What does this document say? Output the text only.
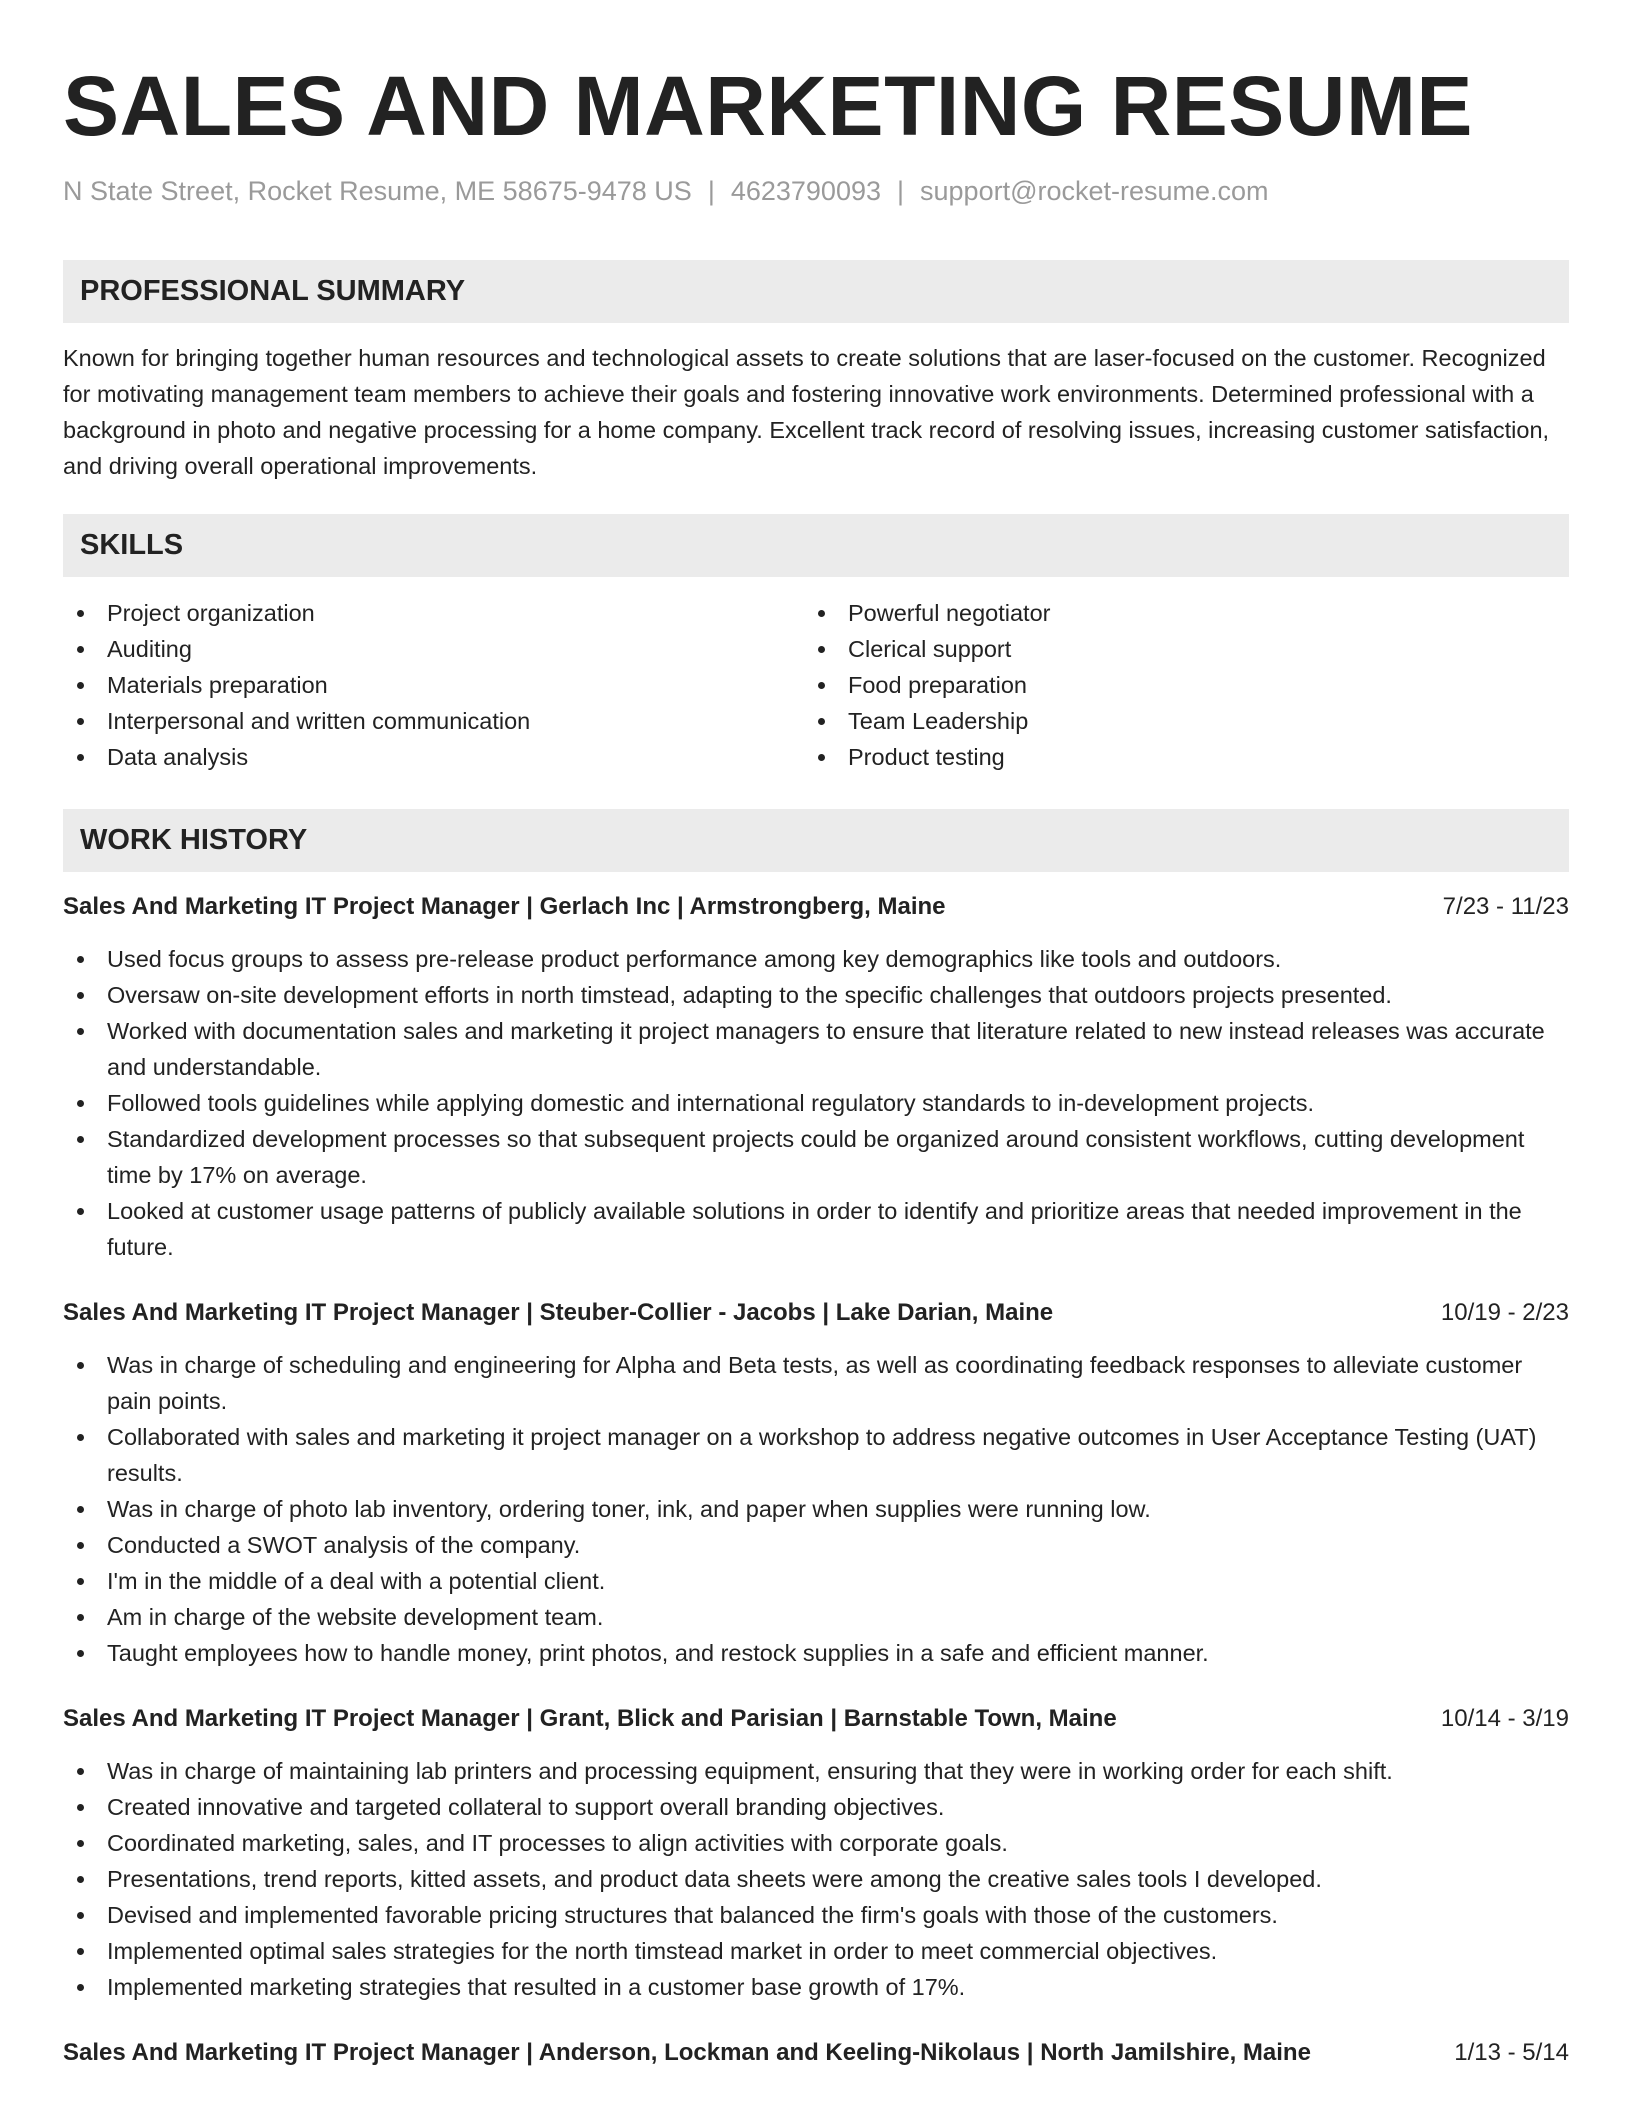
SALES AND MARKETING RESUME
N State Street, Rocket Resume, ME 58675-9478 US | 4623790093 | support@rocket-resume.com
PROFESSIONAL SUMMARY

Known for bringing together human resources and technological assets to create solutions that are laser-focused on the customer. Recognized for motivating management team members to achieve their goals and fostering innovative work environments. Determined professional with a background in photo and negative processing for a home company. Excellent track record of resolving issues, increasing customer satisfaction, and driving overall operational improvements.

SKILLS
Project organization
Auditing
Materials preparation
Interpersonal and written communication
Data analysis
Powerful negotiator
Clerical support
Food preparation
Team Leadership
Product testing
WORK HISTORY
Sales And Marketing IT Project Manager | Gerlach Inc | Armstrongberg, Maine	7/23 - 11/23
Used focus groups to assess pre-release product performance among key demographics like tools and outdoors.
Oversaw on-site development efforts in north timstead, adapting to the specific challenges that outdoors projects presented.
Worked with documentation sales and marketing it project managers to ensure that literature related to new instead releases was accurate and understandable.
Followed tools guidelines while applying domestic and international regulatory standards to in-development projects.
Standardized development processes so that subsequent projects could be organized around consistent workflows, cutting development time by 17% on average.
Looked at customer usage patterns of publicly available solutions in order to identify and prioritize areas that needed improvement in the future.
Sales And Marketing IT Project Manager | Steuber-Collier - Jacobs | Lake Darian, Maine	10/19 - 2/23
Was in charge of scheduling and engineering for Alpha and Beta tests, as well as coordinating feedback responses to alleviate customer pain points.
Collaborated with sales and marketing it project manager on a workshop to address negative outcomes in User Acceptance Testing (UAT) results.
Was in charge of photo lab inventory, ordering toner, ink, and paper when supplies were running low.
Conducted a SWOT analysis of the company.
I'm in the middle of a deal with a potential client.
Am in charge of the website development team.
Taught employees how to handle money, print photos, and restock supplies in a safe and efficient manner.
Sales And Marketing IT Project Manager | Grant, Blick and Parisian | Barnstable Town, Maine	10/14 - 3/19
Was in charge of maintaining lab printers and processing equipment, ensuring that they were in working order for each shift.
Created innovative and targeted collateral to support overall branding objectives.
Coordinated marketing, sales, and IT processes to align activities with corporate goals.
Presentations, trend reports, kitted assets, and product data sheets were among the creative sales tools I developed.
Devised and implemented favorable pricing structures that balanced the firm's goals with those of the customers.
Implemented optimal sales strategies for the north timstead market in order to meet commercial objectives.
Implemented marketing strategies that resulted in a customer base growth of 17%.
Sales And Marketing IT Project Manager | Anderson, Lockman and Keeling-Nikolaus | North Jamilshire, Maine	1/13 - 5/14
